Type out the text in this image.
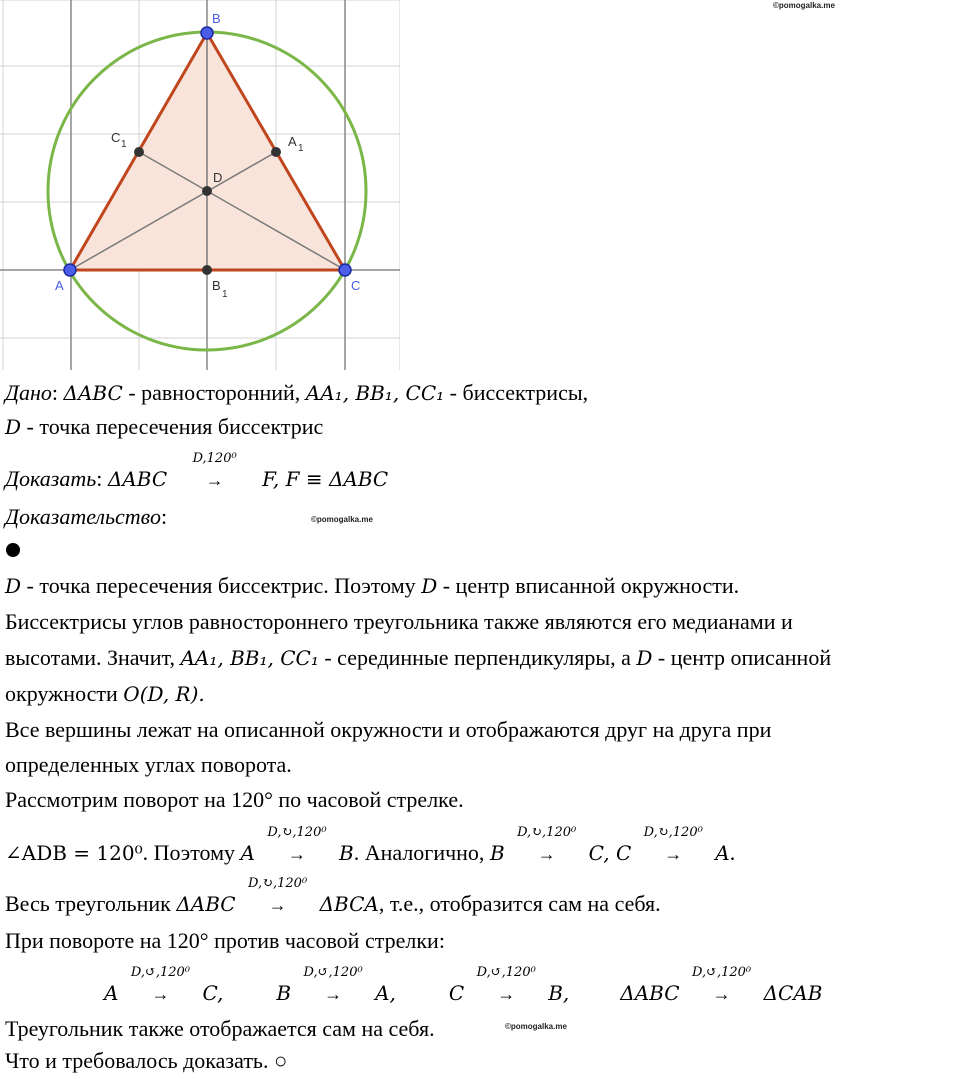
©pomogalka.me
B
A	C
D
C 1	A 1
B
1
Дано: ΔABC - равносторонний, AA₁, BB₁, CC₁ - биссектрисы,
D - точка пересечения биссектрис
Доказать: ΔABC
D,120⁰
→ F, F ≡ ΔABC
Доказательство:	©pomogalka.me
D - точка пересечения биссектрис. Поэтому D - центр вписанной окружности.
Биссектрисы углов равностороннего треугольника также являются его медианами и
высотами. Значит, AA₁, BB₁, CC₁ - серединные перпендикуляры, а D - центр описанной
окружности O(D, R).
Все вершины лежат на описанной окружности и отображаются друг на друга при
определенных углах поворота.
Рассмотрим поворот на 120° по часовой стрелке.
∠ADB = 120⁰. Поэтому A
D,↻,120⁰
→ B. Аналогично, B
D,↻,120⁰
→ C, C
D,↻,120⁰
→ A.
Весь треугольник ΔABC
D,↻,120⁰
→ ΔBCA, т.е., отобразится сам на себя.
При повороте на 120° против часовой стрелки:
A
D,↺,120⁰
→ C,	B
D,↺,120⁰
→ A,	C
D,↺,120⁰
→ B,	ΔABC
D,↺,120⁰
→ ΔCAB
Треугольник также отображается сам на себя.	©pomogalka.me
Что и требовалось доказать. ○
